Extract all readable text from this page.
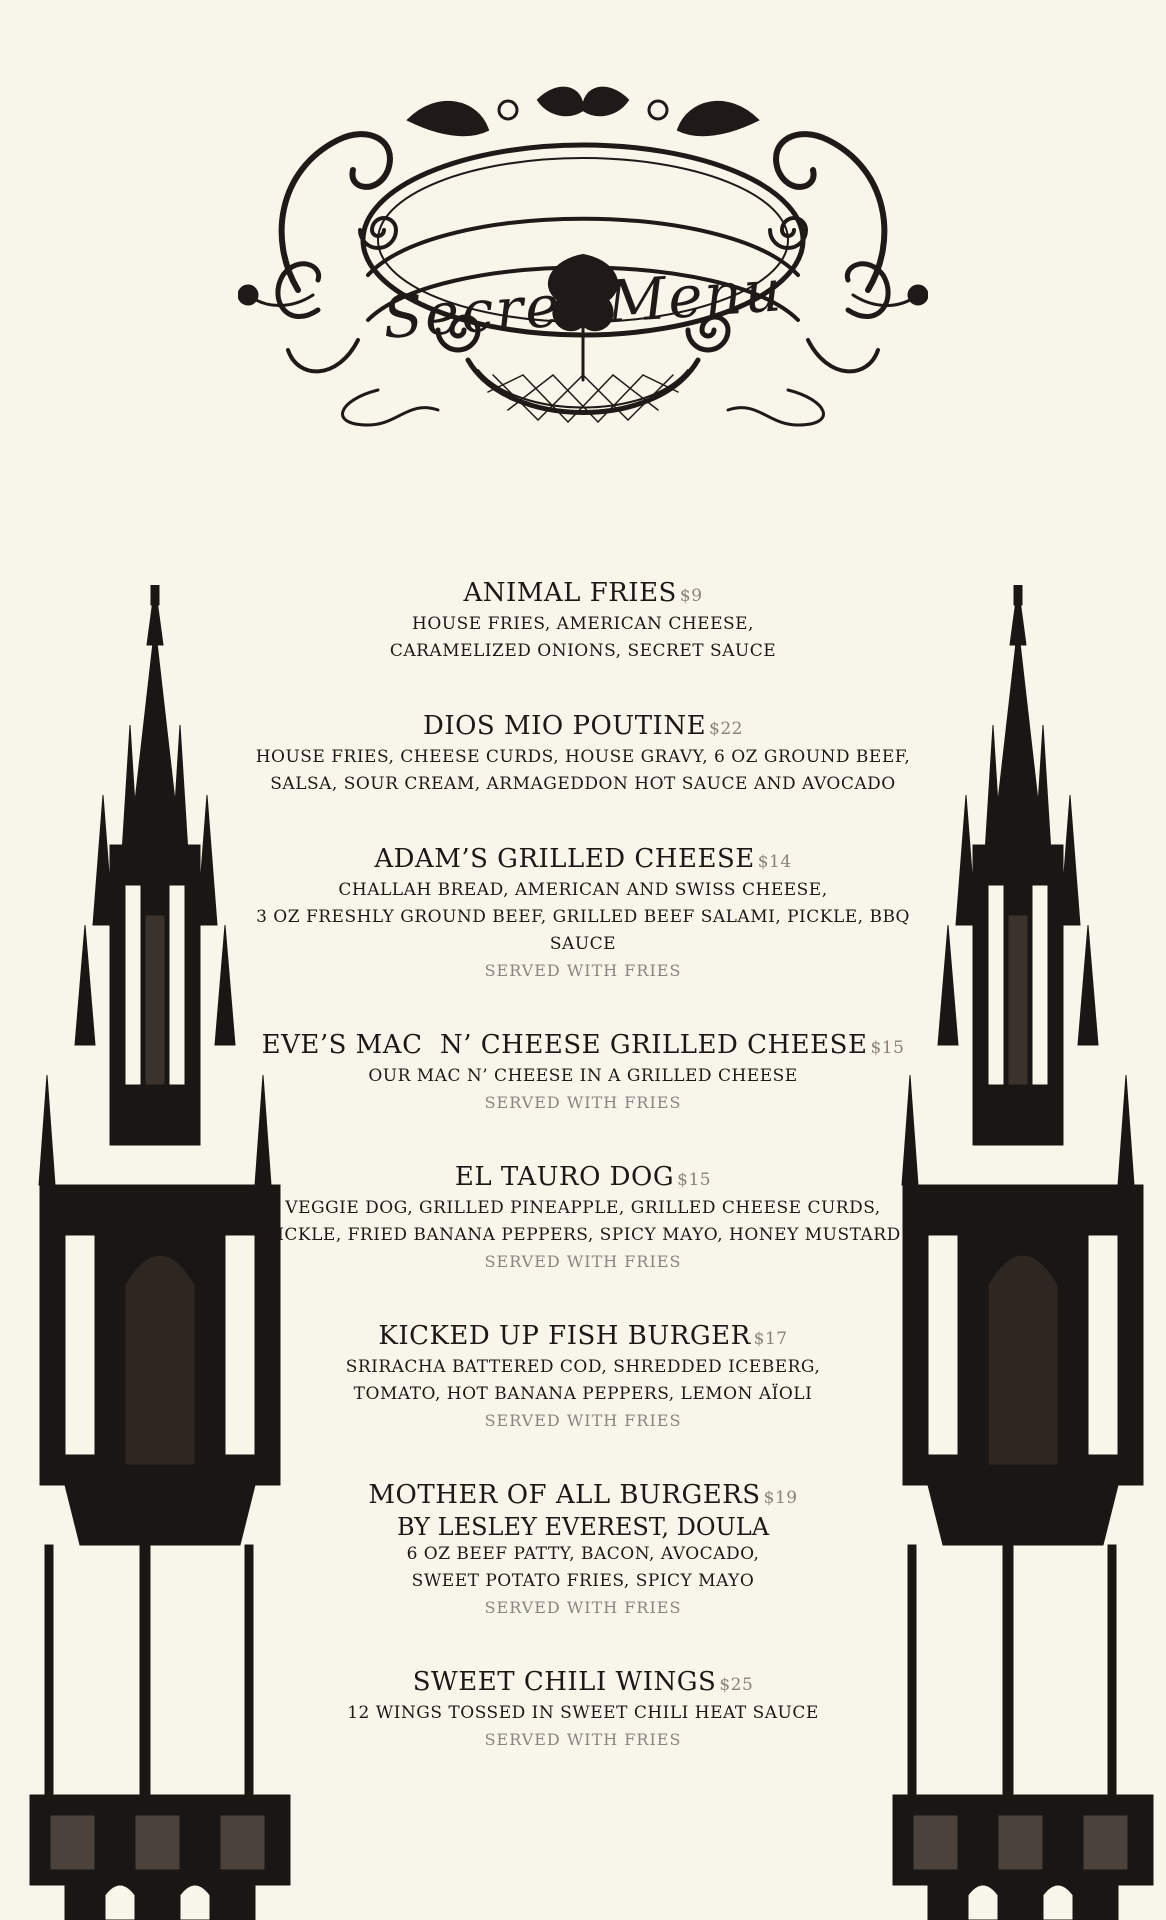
Secret Menu
ANIMAL FRIES $9
HOUSE FRIES, AMERICAN CHEESE,
CARAMELIZED ONIONS, SECRET SAUCE
DIOS MIO POUTINE $22
HOUSE FRIES, CHEESE CURDS, HOUSE GRAVY, 6 OZ GROUND BEEF,
SALSA, SOUR CREAM, ARMAGEDDON HOT SAUCE AND AVOCADO
ADAM’S GRILLED CHEESE $14
CHALLAH BREAD, AMERICAN AND SWISS CHEESE,
3 OZ FRESHLY GROUND BEEF, GRILLED BEEF SALAMI, PICKLE, BBQ SAUCE
SERVED WITH FRIES
EVE’S MAC  N’ CHEESE GRILLED CHEESE $15
OUR MAC N’ CHEESE IN A GRILLED CHEESE
SERVED WITH FRIES
EL TAURO DOG $15
VEGGIE DOG, GRILLED PINEAPPLE, GRILLED CHEESE CURDS,
PICKLE, FRIED BANANA PEPPERS, SPICY MAYO, HONEY MUSTARD
SERVED WITH FRIES
KICKED UP FISH BURGER $17
SRIRACHA BATTERED COD, SHREDDED ICEBERG,
TOMATO, HOT BANANA PEPPERS, LEMON AÏOLI
SERVED WITH FRIES
MOTHER OF ALL BURGERS $19
BY LESLEY EVEREST, DOULA
6 OZ BEEF PATTY, BACON, AVOCADO,
SWEET POTATO FRIES, SPICY MAYO
SERVED WITH FRIES
SWEET CHILI WINGS $25
12 WINGS TOSSED IN SWEET CHILI HEAT SAUCE
SERVED WITH FRIES
